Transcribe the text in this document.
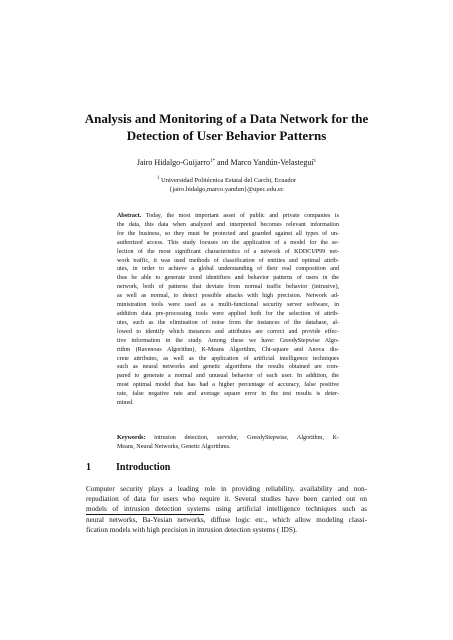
Analysis and Monitoring of a Data Network for the
Detection of User Behavior Patterns
Jairo Hidalgo-Guijarro$^{1*}$ and Marco Yandún-Velasteguí$^1$
$^1$ Universidad Politécnica Estatal del Carchi, Ecuador
{jairo.hidalgo,marco.yandun}@upec.edu.ec
Abstract. Today, the most important asset of public and private companies is
the data, this data when analyzed and interpreted becomes relevant information
for the business, so they must be protected and guarded against all types of un-
authorized access. This study focuses on the application of a model for the se-
lection of the most significant characteristics of a network of KDDCUP99 net-
work traffic, it was used methods of classification of entities and optimal attrib-
utes, in order to achieve a global understanding of their real composition and
thus be able to generate trend identifiers and behavior patterns of users in the
network, both of patterns that deviate from normal traffic behavior (intrusive),
as well as normal, to detect possible attacks with high precision. Network ad-
ministration tools were used as a multi-functional security server software, in
addition data pre-processing tools were applied both for the selection of attrib-
utes, such as the elimination of noise from the instances of the database, al-
lowed to identify which instances and attributes are correct and provide effec-
tive information in the study. Among these we have: GreedyStepwise Algo-
rithm (Ravenous Algorithm), K-Means Algorithm, Chi-square and Anova dis-
crete attributes, as well as the application of artificial intelligence techniques
such as neural networks and genetic algorithms the results obtained are com-
pared to generate a normal and unusual behavior of each user. In addition, the
most optimal model that has had a higher percentage of accuracy, false positive
rate, false negative rate and average square error in the test results is deter-
mined.
Keywords: intrusion detection, servidor, GreedyStepwise, Algorithm, K-
Means, Neural Networks, Genetic Algorithms.
1	Introduction
Computer security plays a leading role in providing reliability, availability and non-
repudiation of data for users who require it. Several studies have been carried out on
models of intrusion detection systems using artificial intelligence techniques such as
neural networks, Ba-Yesian networks, diffuse logic etc., which allow modeling classi-
fication models with high precision in intrusion detection systems ( IDS).
